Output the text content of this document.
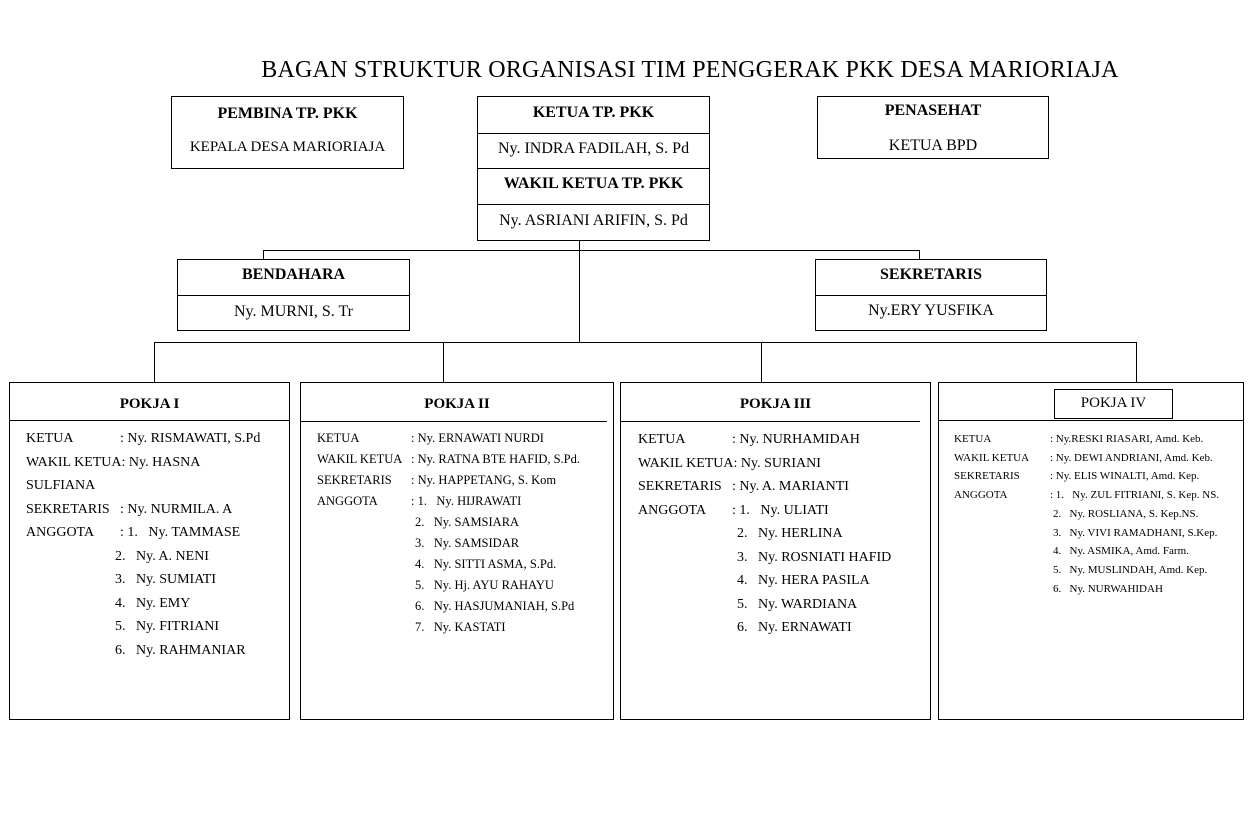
BAGAN STRUKTUR ORGANISASI TIM PENGGERAK PKK DESA MARIORIAJA
PEMBINA TP. PKK
KEPALA DESA MARIORIAJA
KETUA TP. PKK
Ny. INDRA FADILAH, S. Pd
WAKIL KETUA TP. PKK
Ny. ASRIANI ARIFIN, S. Pd
PENASEHAT
KETUA BPD
BENDAHARA
Ny. MURNI, S. Tr
SEKRETARIS
Ny.ERY YUSFIKA
POKJA I
KETUA	: Ny. RISMAWATI, S.Pd
WAKIL KETUA: Ny. HASNA
SULFIANA
SEKRETARIS : Ny. NURMILA. A
ANGGOTA : 1.   Ny. TAMMASE
2.   Ny. A. NENI
3.   Ny. SUMIATI
4.   Ny. EMY
5.   Ny. FITRIANI
6.   Ny. RAHMANIAR
POKJA II
KETUA	: Ny. ERNAWATI NURDI
WAKIL KETUA : Ny. RATNA BTE HAFID, S.Pd.
SEKRETARIS : Ny. HAPPETANG, S. Kom
ANGGOTA	: 1.   Ny. HIJRAWATI
2.   Ny. SAMSIARA
3.   Ny. SAMSIDAR
4.   Ny. SITTI ASMA, S.Pd.
5.   Ny. Hj. AYU RAHAYU
6.   Ny. HASJUMANIAH, S.Pd
7.   Ny. KASTATI
POKJA III
KETUA	: Ny. NURHAMIDAH
WAKIL KETUA: Ny. SURIANI
SEKRETARIS : Ny. A. MARIANTI
ANGGOTA : 1.   Ny. ULIATI
2.   Ny. HERLINA
3.   Ny. ROSNIATI HAFID
4.   Ny. HERA PASILA
5.   Ny. WARDIANA
6.   Ny. ERNAWATI
POKJA IV
KETUA	: Ny.RESKI RIASARI, Amd. Keb.
WAKIL KETUA : Ny. DEWI ANDRIANI, Amd. Keb.
SEKRETARIS	: Ny. ELIS WINALTI, Amd. Kep.
ANGGOTA	: 1.   Ny. ZUL FITRIANI, S. Kep. NS.
2.   Ny. ROSLIANA, S. Kep.NS.
3.   Ny. VIVI RAMADHANI, S.Kep.
4.   Ny. ASMIKA, Amd. Farm.
5.   Ny. MUSLINDAH, Amd. Kep.
6.   Ny. NURWAHIDAH
